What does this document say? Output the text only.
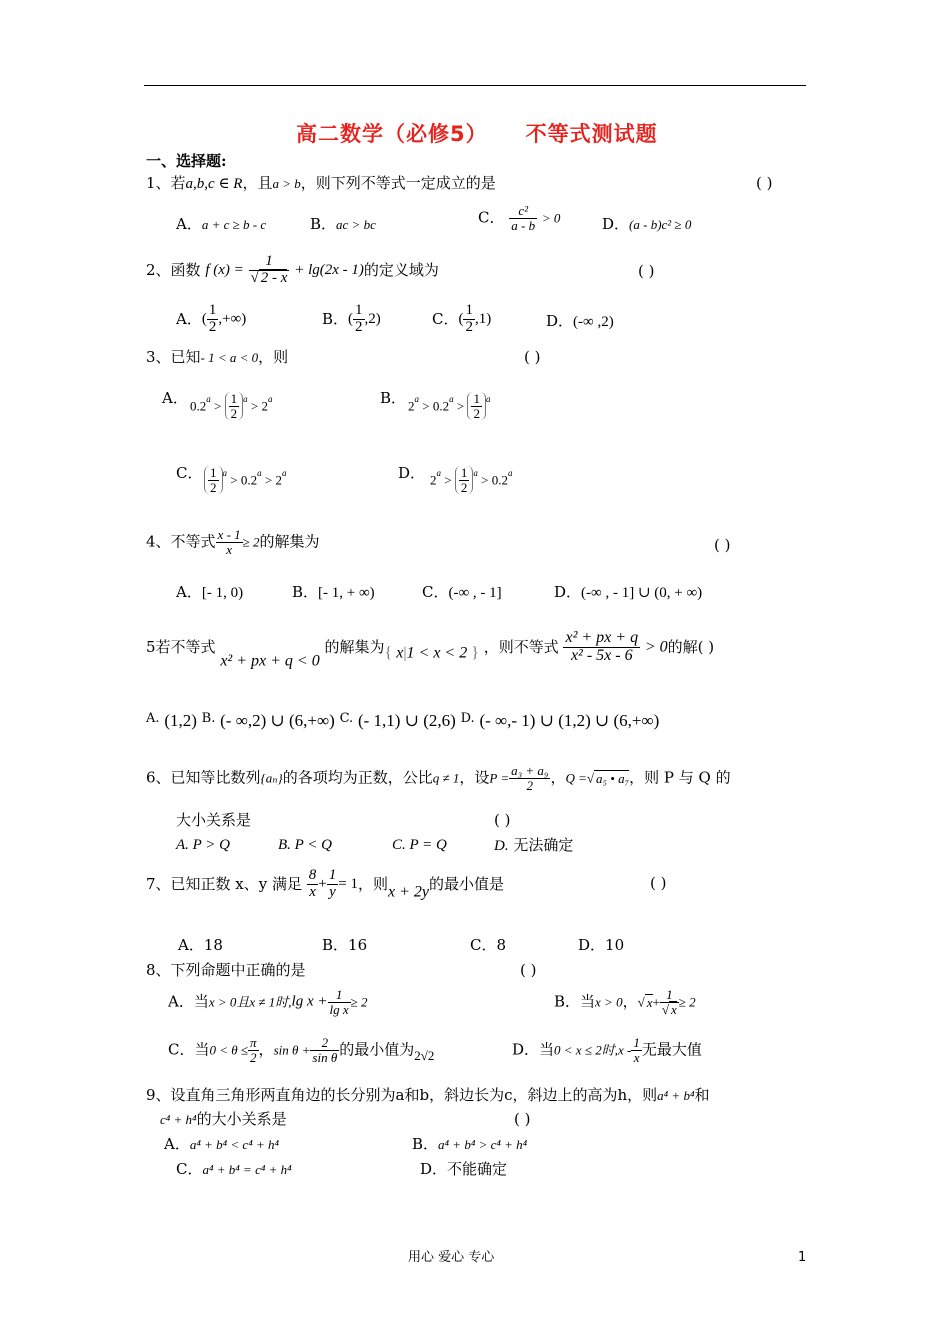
高二数学（必修5） 不等式测试题
一、选择题:
1、若a,b,c ∈ R，且a > b，则下列不等式一定成立的是	( )
A．a + c ≥ b - c	B．ac > bc	C． $\frac{\text{c²}}{a - b} > 0$	D．(a - b)c² ≥ 0
2、函数 f $(x) = \frac{1}{√ 2 - x} + \lg(2x - 1)$的定义域为	( )
A．( $\frac{1}{2}$ ,+∞)	B．( $\frac{1}{2} ,2$)	C．( $\frac{1}{2} ,1$)	D．(-∞ ,2)
3、已知- 1 < a < 0，则	( )
A． $0.2^a > \frac{1}{2} ^a > 2^a$	B． $2^a > 0.2^a > \frac{1}{2} ^a$
C． $\frac{1}{2} ^a > 0.2^a > 2^a$	D． $2^a > \frac{1}{2} ^a > 0.2^a$
4、不等式 $\frac{x - 1}{x} \ge 2$的解集为	( )
A．[- 1, 0)	B．[- 1, + ∞)	C．(-∞ , - 1]	D．(-∞ , - 1] ∪ (0, + ∞)
5若不等式 x² + px + q < 0 的解集为{ x|1 < x < 2 } ，则不等式 $\frac{\text{x² + px + q}}{\text{x² - 5x - 6}} > 0$的解( )
A. (1,2) B. (- ∞,2) ∪ (6,+∞) C. (- 1,1) ∪ (2,6) D. (- ∞,- 1) ∪ (1,2) ∪ (6,+∞)
6、已知等比数列{aₙ}的各项均为正数，公比q ≠ 1，设$P = \frac{\text{a₃ + a₉}}{2}$ ，Q =√ a₅ • a₇，则 P 与 Q 的
大小关系是	( )
A. P > Q	B. P < Q	C. P = Q	D. 无法确定
7、已知正数 x、y 满足 $\frac{8}{x} + \frac{1}{y} = 1$，则x + 2y的最小值是	( )
A．18	B．16	C．8	D．10
8、下列命题中正确的是	( )
A．当x > 0且x ≠ 1时,lg $x + \frac{1}{\text{lg x}} \ge 2$	B．当x > 0，√ $x+ \frac{1}{√ x} \ge 2$
C．当$0 < \theta \le \frac{\pi}{2}$ ，$\sin \theta + \frac{2}{\text{sin θ}}$ 的最小值为2√2	D．当0 < x ≤ 2时,x - $\frac{1}{x}$ 无最大值
9、设直角三角形两直角边的长分别为a和b，斜边长为c，斜边上的高为h，则a⁴ + b⁴和
c⁴ + h⁴的大小关系是	( )
A．a⁴ + b⁴ < c⁴ + h⁴	B．a⁴ + b⁴ > c⁴ + h⁴
C．a⁴ + b⁴ = c⁴ + h⁴	D．不能确定
用心 爱心 专心	1
